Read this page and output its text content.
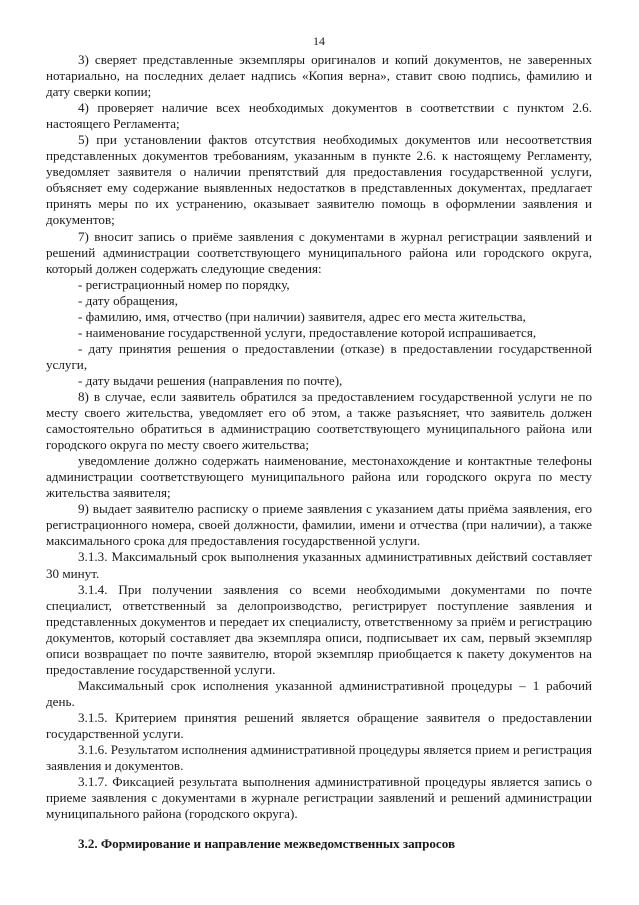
14

3) сверяет представленные экземпляры оригиналов и копий документов, не заверенных нотариально, на последних делает надпись «Копия верна», ставит свою подпись, фамилию и дату сверки копии;

4) проверяет наличие всех необходимых документов в соответствии с пунктом 2.6. настоящего Регламента;

5) при установлении фактов отсутствия необходимых документов или несоответствия представленных документов требованиям, указанным в пункте 2.6. к настоящему Регламенту, уведомляет заявителя о наличии препятствий для предоставления государственной услуги, объясняет ему содержание выявленных недостатков в представленных документах, предлагает принять меры по их устранению, оказывает заявителю помощь в оформлении заявления и документов;

7) вносит запись о приёме заявления с документами в журнал регистрации заявлений и решений администрации соответствующего муниципального района или городского округа, который должен содержать следующие сведения:

- регистрационный номер по порядку,

- дату обращения,

- фамилию, имя, отчество (при наличии) заявителя, адрес его места жительства,

- наименование государственной услуги, предоставление которой испрашивается,

- дату принятия решения о предоставлении (отказе) в предоставлении государственной услуги,

- дату выдачи решения (направления по почте),

8) в случае, если заявитель обратился за предоставлением государственной услуги не по месту своего жительства, уведомляет его об этом, а также разъясняет, что заявитель должен самостоятельно обратиться в администрацию соответствующего муниципального района или городского округа по месту своего жительства;

уведомление должно содержать наименование, местонахождение и контактные телефоны администрации соответствующего муниципального района или городского округа по месту жительства заявителя;

9) выдает заявителю расписку о приеме заявления с указанием даты приёма заявления, его регистрационного номера, своей должности, фамилии, имени и отчества (при наличии), а также максимального срока для предоставления государственной услуги.

3.1.3. Максимальный срок выполнения указанных административных действий составляет 30 минут.

3.1.4. При получении заявления со всеми необходимыми документами по почте специалист, ответственный за делопроизводство, регистрирует поступление заявления и представленных документов и передает их специалисту, ответственному за приём и регистрацию документов, который составляет два экземпляра описи, подписывает их сам, первый экземпляр описи возвращает по почте заявителю, второй экземпляр приобщается к пакету документов на предоставление государственной услуги.

Максимальный срок исполнения указанной административной процедуры – 1 рабочий день.

3.1.5. Критерием принятия решений является обращение заявителя о предоставлении государственной услуги.

3.1.6. Результатом исполнения административной процедуры является прием и регистрация заявления и документов.

3.1.7. Фиксацией результата выполнения административной процедуры является запись о приеме заявления с документами в журнале регистрации заявлений и решений администрации муниципального района (городского округа).

3.2. Формирование и направление межведомственных запросов
